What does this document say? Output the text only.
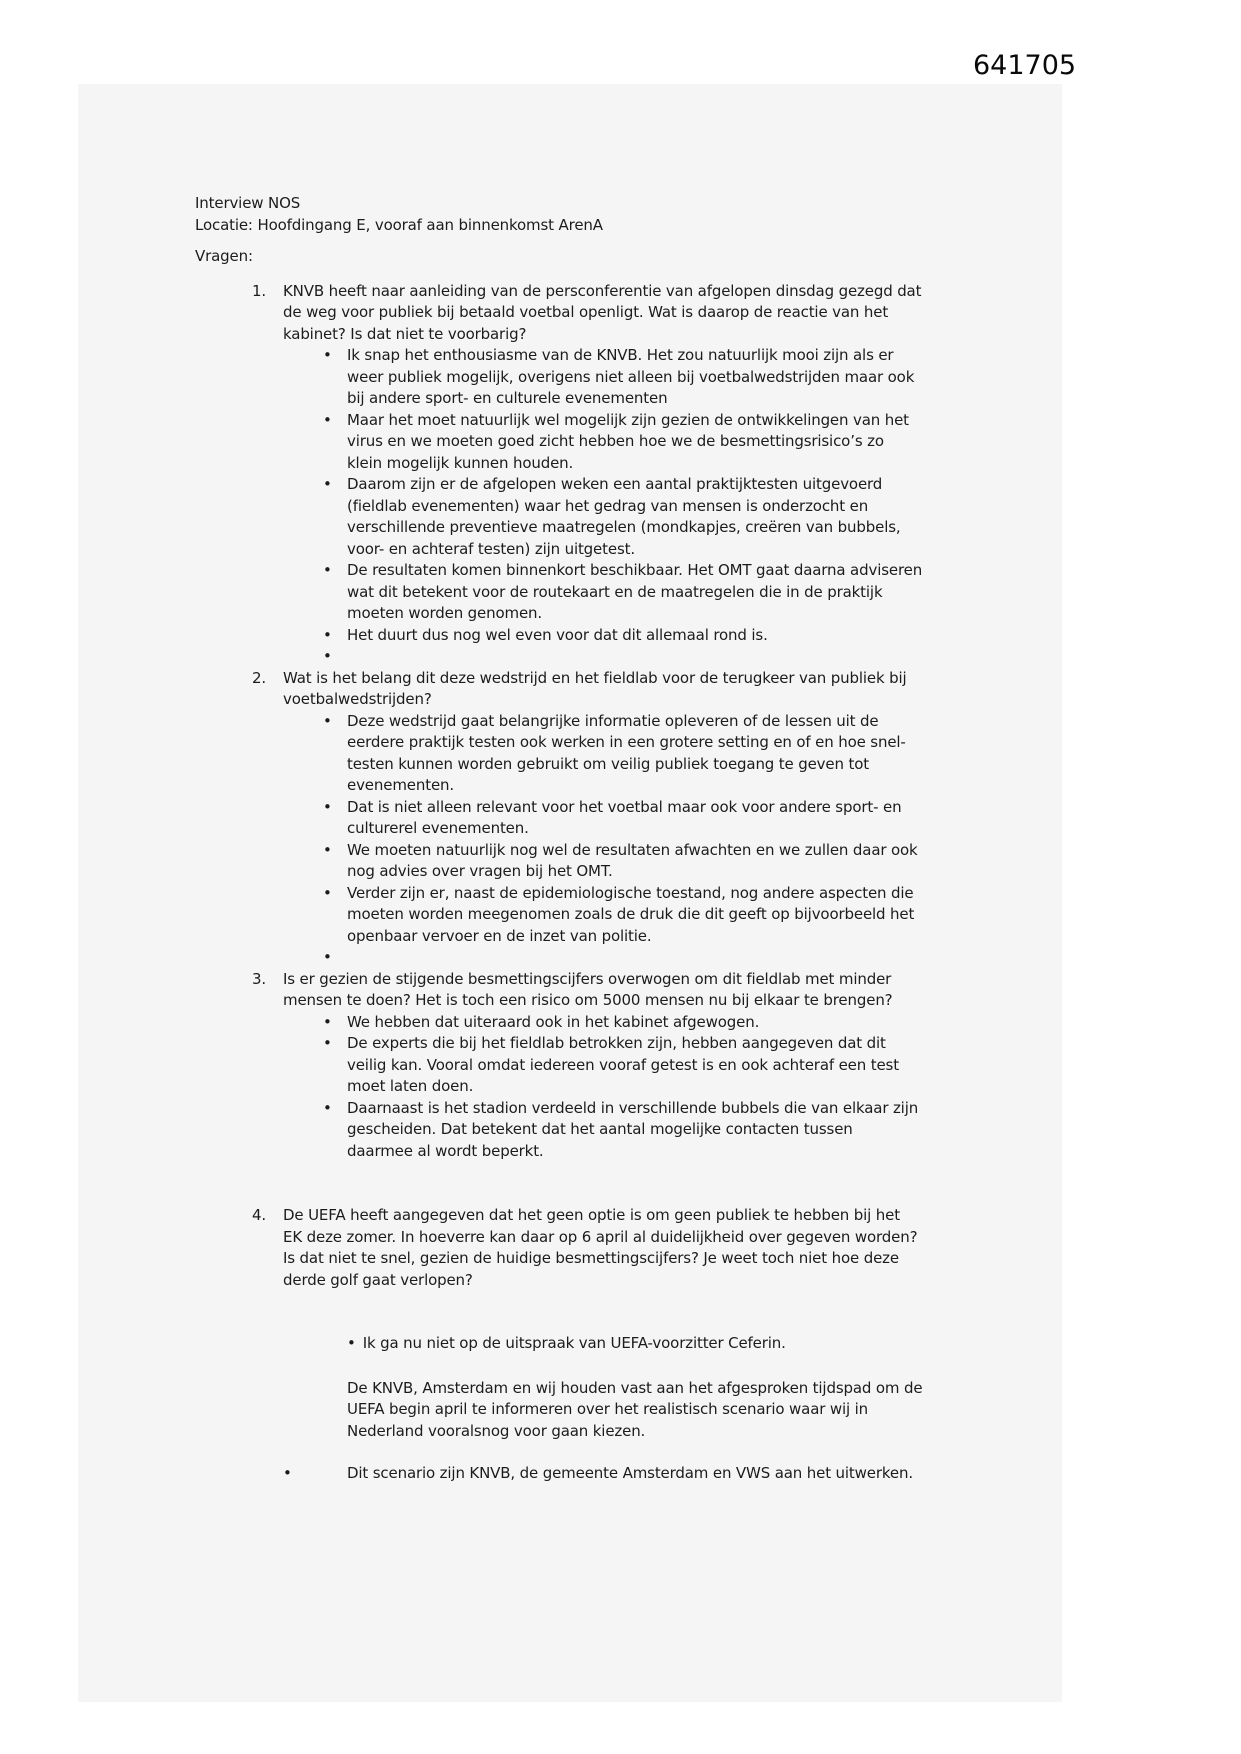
641705

Interview NOS

Locatie: Hoofdingang E, vooraf aan binnenkomst ArenA

Vragen:

1.	KNVB heeft naar aanleiding van de persconferentie van afgelopen dinsdag gezegd dat de weg voor publiek bij betaald voetbal openligt. Wat is daarop de reactie van het kabinet? Is dat niet te voorbarig?

•	Ik snap het enthousiasme van de KNVB. Het zou natuurlijk mooi zijn als er weer publiek mogelijk, overigens niet alleen bij voetbalwedstrijden maar ook bij andere sport- en culturele evenementen
•	Maar het moet natuurlijk wel mogelijk zijn gezien de ontwikkelingen van het virus en we moeten goed zicht hebben hoe we de besmettingsrisico’s zo klein mogelijk kunnen houden.
•	Daarom zijn er de afgelopen weken een aantal praktijktesten uitgevoerd (fieldlab evenementen) waar het gedrag van mensen is onderzocht en verschillende preventieve maatregelen (mondkapjes, creëren van bubbels, voor- en achteraf testen) zijn uitgetest.
•	De resultaten komen binnenkort beschikbaar. Het OMT gaat daarna adviseren wat dit betekent voor de routekaart en de maatregelen die in de praktijk moeten worden genomen.
•	Het duurt dus nog wel even voor dat dit allemaal rond is.
•
2.	Wat is het belang dit deze wedstrijd en het fieldlab voor de terugkeer van publiek bij voetbalwedstrijden?

•	Deze wedstrijd gaat belangrijke informatie opleveren of de lessen uit de eerdere praktijk testen ook werken in een grotere setting en of en hoe snel-testen kunnen worden gebruikt om veilig publiek toegang te geven tot evenementen.
•	Dat is niet alleen relevant voor het voetbal maar ook voor andere sport- en culturerel evenementen.
•	We moeten natuurlijk nog wel de resultaten afwachten en we zullen daar ook nog advies over vragen bij het OMT.
•	Verder zijn er, naast de epidemiologische toestand, nog andere aspecten die moeten worden meegenomen zoals de druk die dit geeft op bijvoorbeeld het openbaar vervoer en de inzet van politie.
•
3.	Is er gezien de stijgende besmettingscijfers overwogen om dit fieldlab met minder mensen te doen? Het is toch een risico om 5000 mensen nu bij elkaar te brengen?

•	We hebben dat uiteraard ook in het kabinet afgewogen.
•	De experts die bij het fieldlab betrokken zijn, hebben aangegeven dat dit veilig kan. Vooral omdat iedereen vooraf getest is en ook achteraf een test moet laten doen.
•	Daarnaast is het stadion verdeeld in verschillende bubbels die van elkaar zijn gescheiden. Dat betekent dat het aantal mogelijke contacten tussen daarmee al wordt beperkt.
4.	De UEFA heeft aangegeven dat het geen optie is om geen publiek te hebben bij het EK deze zomer. In hoeverre kan daar op 6 april al duidelijkheid over gegeven worden? Is dat niet te snel, gezien de huidige besmettingscijfers? Je weet toch niet hoe deze derde golf gaat verlopen?

• Ik ga nu niet op de uitspraak van UEFA-voorzitter Ceferin.

De KNVB, Amsterdam en wij houden vast aan het afgesproken tijdspad om de UEFA begin april te informeren over het realistisch scenario waar wij in Nederland vooralsnog voor gaan kiezen.

•	Dit scenario zijn KNVB, de gemeente Amsterdam en VWS aan het uitwerken.
